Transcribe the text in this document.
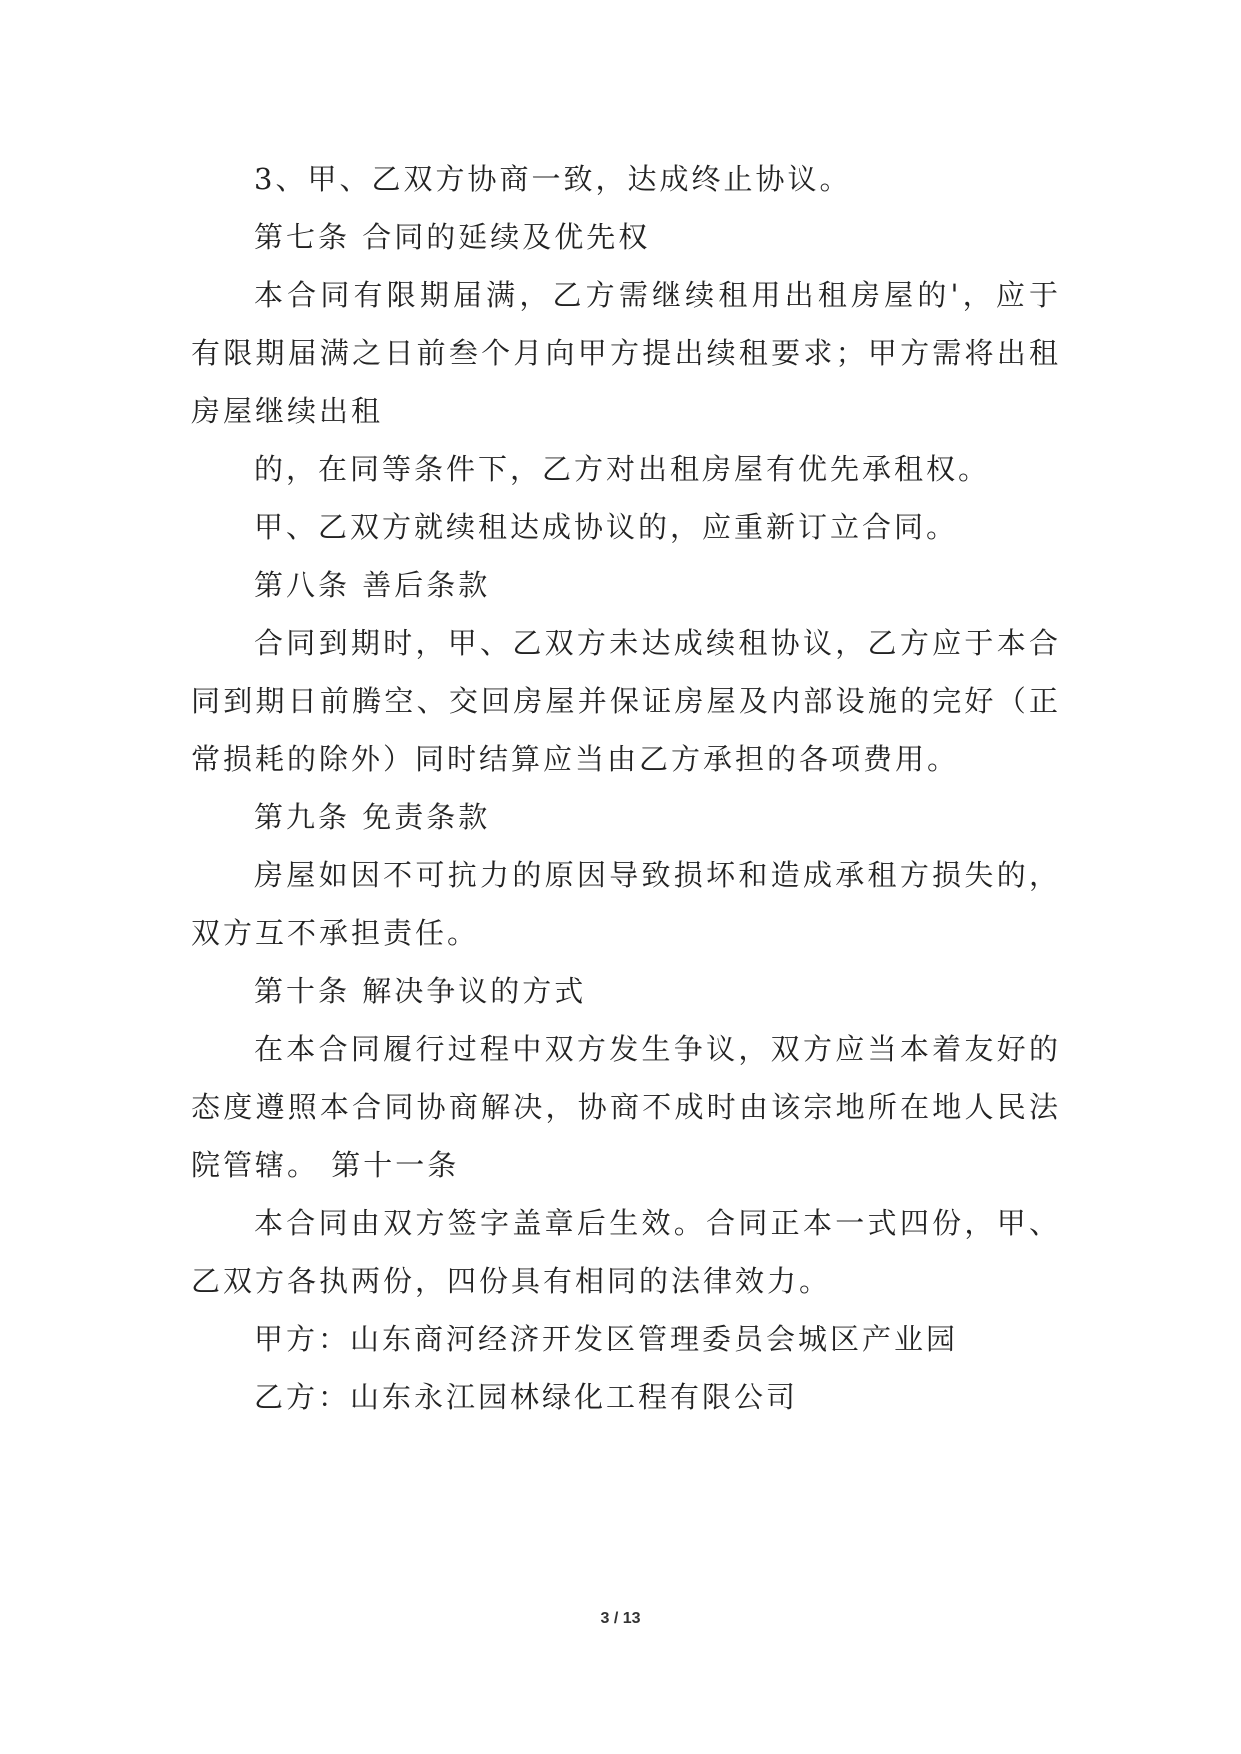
3、甲、乙双方协商一致，达成终止协议。

第七条 合同的延续及优先权

本合同有限期届满，乙方需继续租用出租房屋的'，应于有限期届满之日前叁个月向甲方提出续租要求；甲方需将出租房屋继续出租

的，在同等条件下，乙方对出租房屋有优先承租权。

甲、乙双方就续租达成协议的，应重新订立合同。

第八条 善后条款

合同到期时，甲、乙双方未达成续租协议，乙方应于本合同到期日前腾空、交回房屋并保证房屋及内部设施的完好（正常损耗的除外）同时结算应当由乙方承担的各项费用。

第九条 免责条款

房屋如因不可抗力的原因导致损坏和造成承租方损失的，双方互不承担责任。

第十条 解决争议的方式

在本合同履行过程中双方发生争议，双方应当本着友好的态度遵照本合同协商解决，协商不成时由该宗地所在地人民法院管辖。 第十一条

本合同由双方签字盖章后生效。合同正本一式四份，甲、乙双方各执两份，四份具有相同的法律效力。

甲方：山东商河经济开发区管理委员会城区产业园

乙方：山东永江园林绿化工程有限公司

3 / 13
